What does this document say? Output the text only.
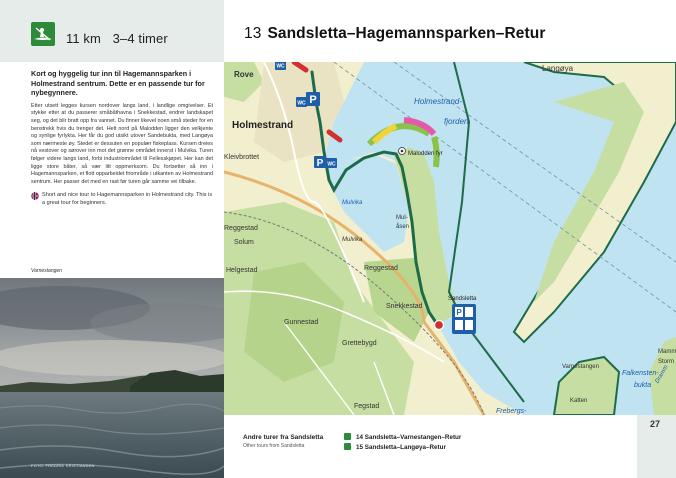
11 km 3–4 timer

Kort og hyggelig tur inn til Hagemannsparken i Holmestrand sentrum. Dette er en passende tur for nybegynnere.

Etter utsett legges kursen nordover langs land, i landlige omgivelser. Et stykke etter at du passerer småbåthavna i Snekkestad, endrer landskapet seg, og det blir bratt opp fra vannet. Du finner likevel noen små steder for en benstrekk hvis du trenger det. Helt nord på Malodden ligger den velkjente og synlige fyrlykta. Her får du god utsikt utover Sandebukta, med Langøya som nærmeste øy. Stedet er dessuten en populær fiskeplass. Kursen dreies nå vestover og sørover inn mot det grønne området innerst i Mulvika. Turen følger videre langs land, forbi industriområdet til Fellesskjøpet. Her kan det ligge store båter, så vær litt oppmerksom. Du fortsetter så inn i Hagemannsparken, et flott opparbeidet friområde i utkanten av Holmestrand sentrum. Her passer det med en rast før turen går samme vei tilbake.

Short and nice tour to Hagemannsparken in Holmestrand city. This is a great tour for beginners.
Varnestangen
FOTO: FREDRIK KRISTIANSEN
13 Sandsletta–Hagemannsparken–Retur
WC
P
WC
P WC
P
Rove
Holmestrand
Kleivbrottet
Mulvika
Mulvika
Mul-
åsen
Reggestad
Reggestad
Solum
Helgestad
Gunnestad
Snekkestad
Grettebygd
Fegstad
Holmestrand-
fjorden
Malodden fyr
Langøya
Sandsletta
Varnestangen
Falkensten-
bukta
Katten
Frebergs-
Mamm
Storm
Dramm
Andre turer fra Sandsletta
Other tours from Sandsletta
14 Sandsletta–Varnestangen–Retur
15 Sandsletta–Langøya–Retur
27
